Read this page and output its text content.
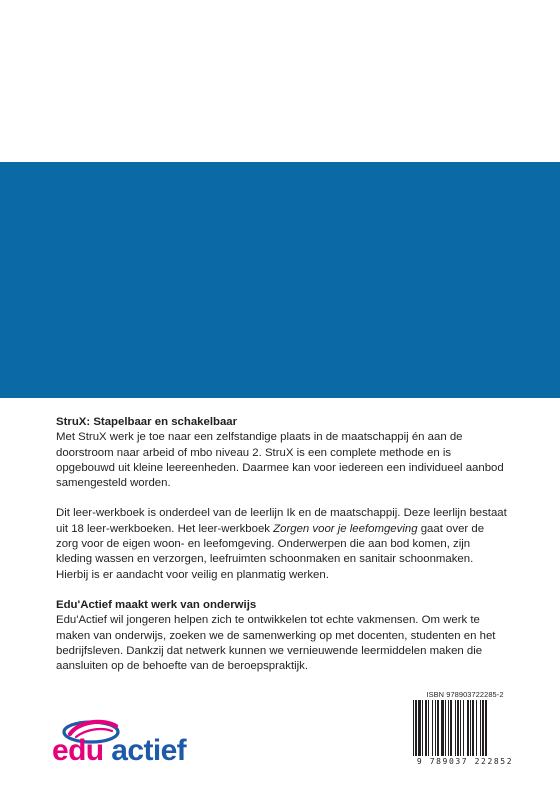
StruX: Stapelbaar en schakelbaar

Met StruX werk je toe naar een zelfstandige plaats in de maatschappij én aan de doorstroom naar arbeid of mbo niveau 2. StruX is een complete methode en is opgebouwd uit kleine leereenheden. Daarmee kan voor iedereen een individueel aanbod samengesteld worden.

Dit leer-werkboek is onderdeel van de leerlijn Ik en de maatschappij. Deze leerlijn bestaat uit 18 leer-werkboeken. Het leer-werkboek Zorgen voor je leefomgeving gaat over de zorg voor de eigen woon- en leefomgeving. Onderwerpen die aan bod komen, zijn kleding wassen en verzorgen, leefruimten schoonmaken en sanitair schoonmaken. Hierbij is er aandacht voor veilig en planmatig werken.

Edu'Actief maakt werk van onderwijs

Edu'Actief wil jongeren helpen zich te ontwikkelen tot echte vakmensen. Om werk te maken van onderwijs, zoeken we de samenwerking op met docenten, studenten en het bedrijfsleven. Dankzij dat netwerk kunnen we vernieuwende leermiddelen maken die aansluiten op de behoefte van de beroepspraktijk.

edu actief
ISBN 978903722285-2
9 789037 222852
